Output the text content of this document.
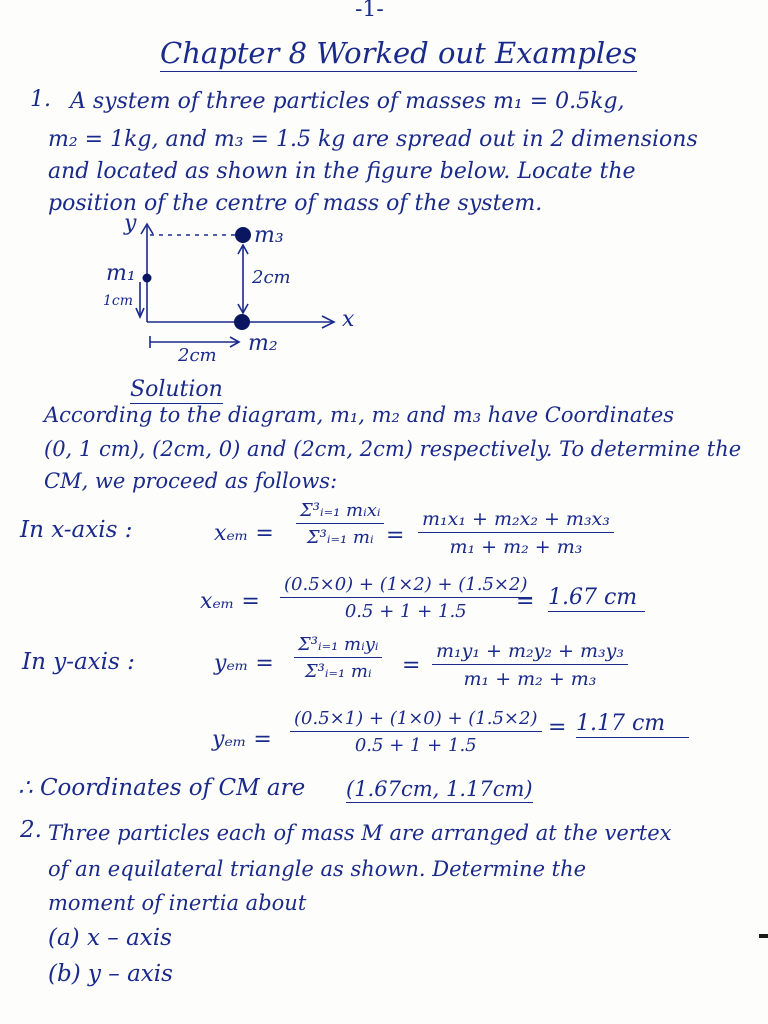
-1-
Chapter 8 Worked out Examples
1. A system of three particles of masses m₁ = 0.5kg,
m₂ = 1kg, and m₃ = 1.5 kg are spread out in 2 dimensions
and located as shown in the figure below. Locate the
position of the centre of mass of the system.
y
x
m₃
m₁
1cm
2cm
m₂
2cm
Solution
According to the diagram, m₁, m₂ and m₃ have Coordinates
(0, 1 cm), (2cm, 0) and (2cm, 2cm) respectively. To determine the
CM, we proceed as follows:
In x-axis :	xₑₘ =
Σ³ᵢ₌₁ mᵢxᵢ
Σ³ᵢ₌₁ mᵢ = $\frac{\text{m₁x₁ + m₂x₂ + m₃x₃}}{\text{m₁ + m₂ + m₃}}$
$x_{em} = \frac{(0.5\times 0) + (1\times 2) + (1.5\times 2)}{0.5 + 1 + 1.5}$
= 1.67 cm
In y-axis :	yₑₘ =
Σ³ᵢ₌₁ mᵢyᵢ
Σ³ᵢ₌₁ mᵢ = $\frac{\text{m₁y₁ + m₂y₂ + m₃y₃}}{\text{m₁ + m₂ + m₃}}$
$y_{em} = \frac{(0.5\times 1) + (1\times 0) + (1.5\times 2)}{0.5 + 1 + 1.5} = 1.17$ cm
∴ Coordinates of CM are (1.67cm, 1.17cm)
2. Three particles each of mass M are arranged at the vertex
of an equilateral triangle as shown. Determine the
moment of inertia about
(a) x – axis
(b) y – axis
